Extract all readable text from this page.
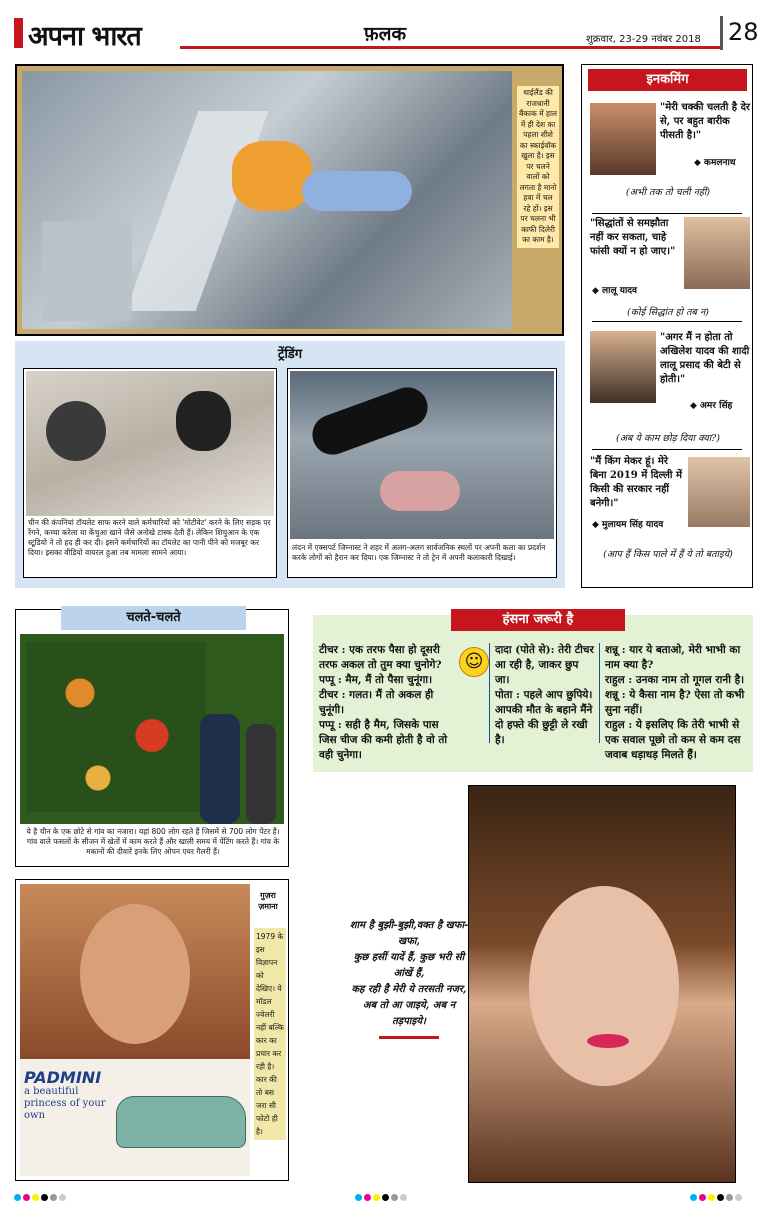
अपना भारत	फ़लक	शुक्रवार, 23-29 नवंबर 2018 28
थाईलैंड की राजधानी बैंकाक में हाल में ही देश का पहला शीशे का स्काईवॉक खुला है। इस पर चलने वालों को लगता है मानो हवा में चल रहे हों। इस पर चलना भी काफी दिलेरी का काम है।
ट्रेंडिंग
चीन की कंपनियां टॉयलेट साफ करने वाले कर्मचारियों को 'मोटीवेट' करने के लिए सड़क पर रेंगने, कच्चा करेला या केंचुआ खाने जैसे अनोखे टास्क देती हैं। लेकिन शिचुआन के एक स्टूडियो ने तो हद ही कर दी। इसने कर्मचारियों का टॉयलेट का पानी पीने को मजबूर कर दिया। इसका वीडियो वायरल हुआ तब मामला सामने आया।
लंदन में एक्सपर्ट जिम्नास्ट ने शहर में अलग-अलग सार्वजनिक स्थलों पर अपनी कला का प्रदर्शन करके लोगों को हैरान कर दिया। एक जिम्नास्ट ने तो ट्रेन में अपनी कलाकारी दिखाई।
इनकमिंग
"मेरी चक्की चलती है देर से, पर बहुत बारीक पीसती है।"
◆ कमलनाथ
(अभी तक तो चली नहीं)
"सिद्धांतों से समझौता नहीं कर सकता, चाहे फांसी क्यों न हो जाए।"
◆ लालू यादव
(कोई सिद्धांत हो तब न)
"अगर मैं न होता तो अखिलेश यादव की शादी लालू प्रसाद की बेटी से होती।"
◆ अमर सिंह
(अब ये काम छोड़ दिया क्या?)
"मैं किंग मेकर हूं। मेरे बिना 2019 में दिल्ली में किसी की सरकार नहीं बनेगी।"
◆ मुलायम सिंह यादव
(आप हैं किस पाले में हैं ये तो बताइये)
चलते-चलते
ये है चीन के एक छोटे से गांव का नजारा। यहां 800 लोग रहते हैं जिसमें से 700 लोग पेंटर हैं। गांव वाले फसलों के सीजन में खेतों में काम करते हैं और खाली समय में पेंटिंग करते हैं। गांव के मकानों की दीवारें इनके लिए ओपन एयर गैलरी हैं।
हंसना जरूरी है
टीचर : एक तरफ पैसा हो दूसरी तरफ अकल तो तुम क्या चुनोगे?
पप्पू : मैम, मैं तो पैसा चुनूंगा।
टीचर : गलत। मैं तो अकल ही चुनूंगी।
पप्पू : सही है मैम, जिसके पास जिस चीज की कमी होती है वो तो वही चुनेगा।
☺
दादा (पोते से): तेरी टीचर आ रही है, जाकर छुप जा।
पोता : पहले आप छुपिये। आपकी मौत के बहाने मैंने दो हफ्ते की छुट्टी ले रखी है।
शन्नू : यार ये बताओ, मेरी भाभी का नाम क्या है?
राहुल : उनका नाम तो गूगल रानी है।
शन्नू : ये कैसा नाम है? ऐसा तो कभी सुना नहीं।
राहुल : ये इसलिए कि तेरी भाभी से एक सवाल पूछो तो कम से कम दस जवाब धड़ाधड़ मिलते हैं।
PADMINI
a beautiful princess of your own
गुज़रा ज़माना
1979 के इस विज्ञापन को देखिए। ये मॉडल ज्वेलरी नहीं बल्कि कार का प्रचार कर रही है। कार की तो बस जरा सी फोटो ही है।
शाम है बुझी-बुझी,वक्त है खफा-खफा,
कुछ हसीं यादें हैं, कुछ भरी सी आंखें हैं,
कह रही है मेरी ये तरसती नजर,
अब तो आ जाइये, अब न तड़पाइये।
